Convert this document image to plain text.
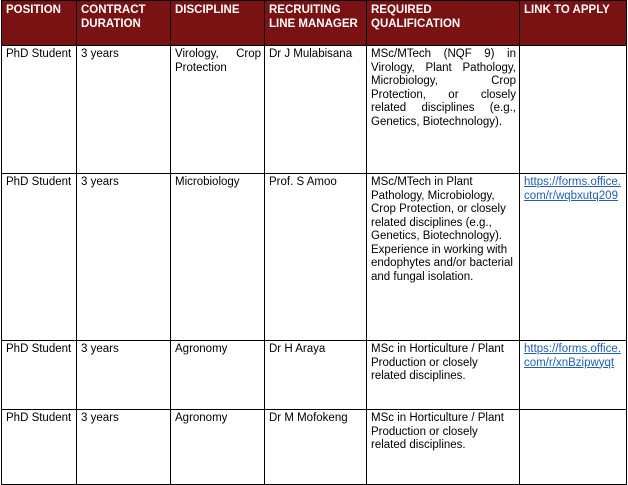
POSITION	CONTRACT DURATION	DISCIPLINE	RECRUITING LINE MANAGER	REQUIRED QUALIFICATION	LINK TO APPLY
PhD Student	3 years	Virology, Crop Protection	Dr J Mulabisana	MSc/MTech (NQF 9) in Virology, Plant Pathology, Microbiology, Crop Protection, or closely related disciplines (e.g., Genetics, Biotechnology).	
PhD Student	3 years	Microbiology	Prof. S Amoo	MSc/MTech in Plant Pathology, Microbiology, Crop Protection, or closely related disciplines (e.g., Genetics, Biotechnology). Experience in working with endophytes and/or bacterial and fungal isolation.	https://forms.office.com/r/wqbxutq209
PhD Student	3 years	Agronomy	Dr H Araya	MSc in Horticulture / Plant Production or closely related disciplines.	https://forms.office.com/r/xnBzipwyqt
PhD Student	3 years	Agronomy	Dr M Mofokeng	MSc in Horticulture / Plant Production or closely related disciplines.	
